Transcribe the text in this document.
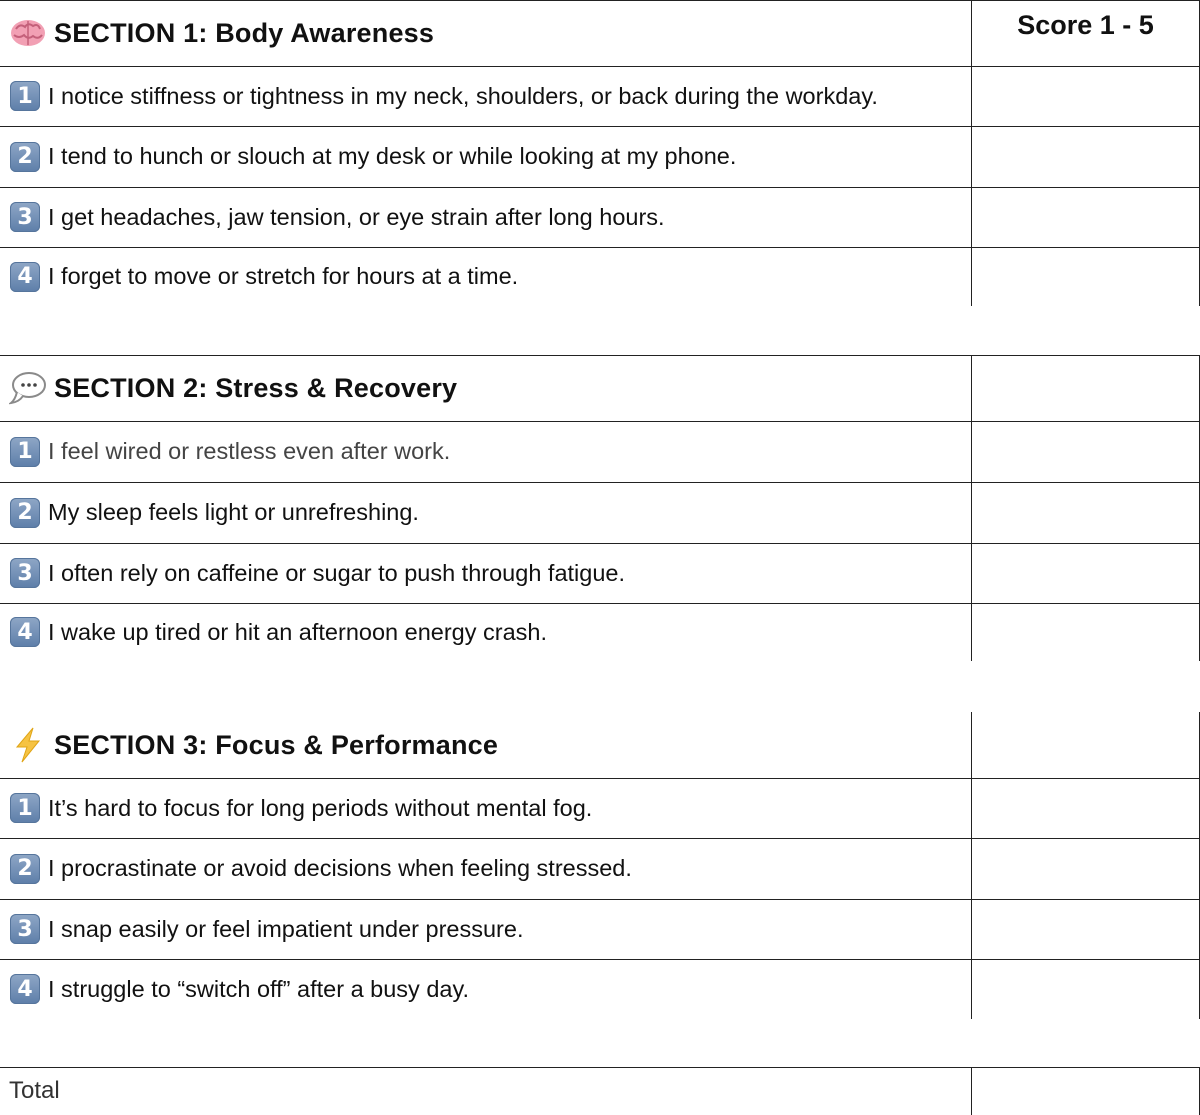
SECTION 1: Body Awareness	Score 1 - 5
1 I notice stiffness or tightness in my neck, shoulders, or back during the workday.
2 I tend to hunch or slouch at my desk or while looking at my phone.
3 I get headaches, jaw tension, or eye strain after long hours.
4 I forget to move or stretch for hours at a time.
SECTION 2: Stress & Recovery
1 I feel wired or restless even after work.
2 My sleep feels light or unrefreshing.
3 I often rely on caffeine or sugar to push through fatigue.
4 I wake up tired or hit an afternoon energy crash.
SECTION 3: Focus & Performance
1 It’s hard to focus for long periods without mental fog.
2 I procrastinate or avoid decisions when feeling stressed.
3 I snap easily or feel impatient under pressure.
4 I struggle to “switch off” after a busy day.
Total
